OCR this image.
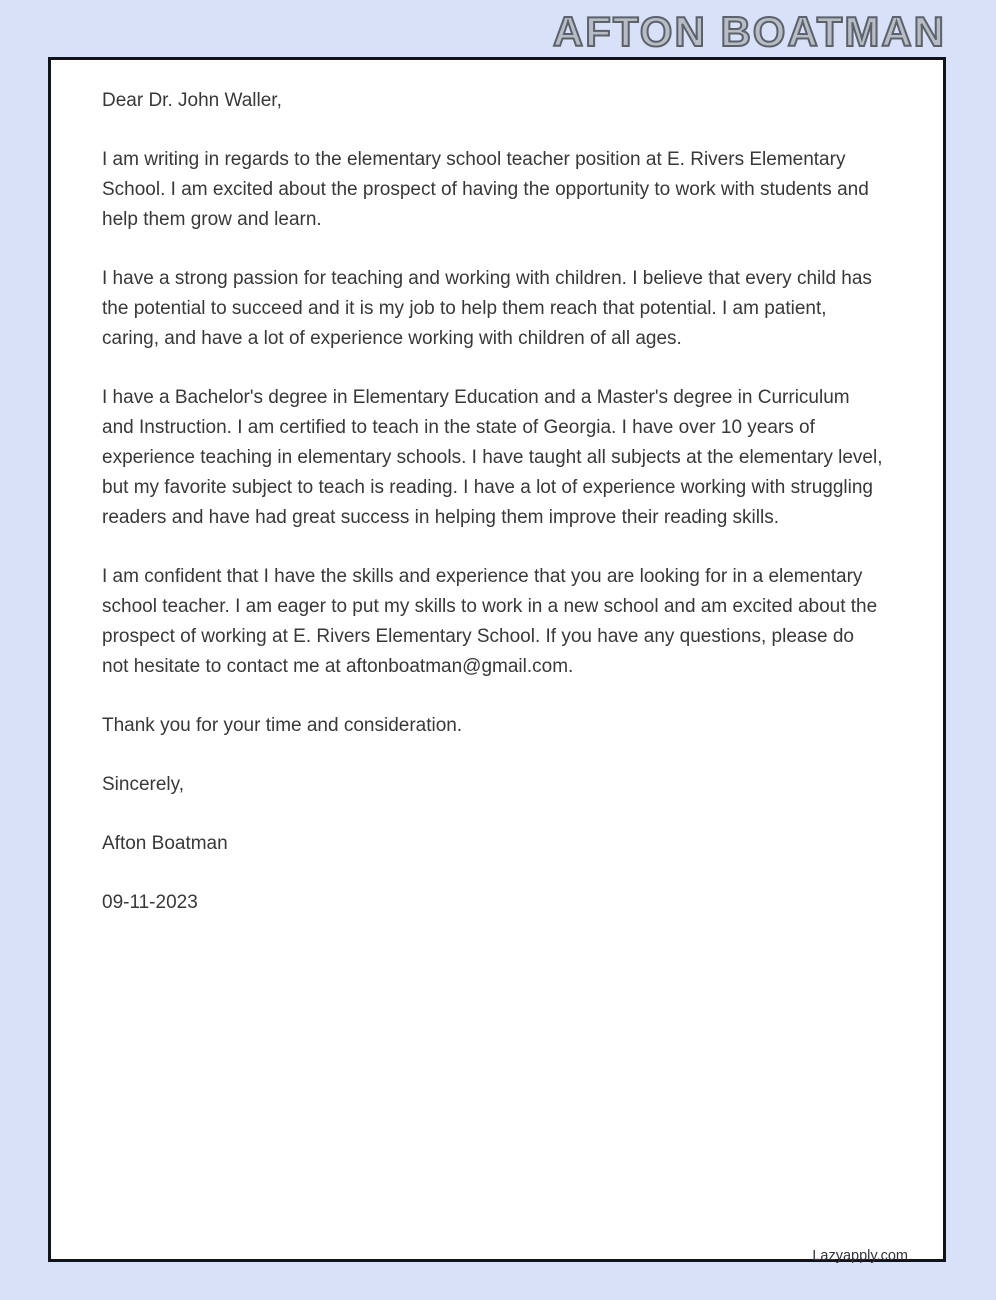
AFTON BOATMAN

Dear Dr. John Waller,

I am writing in regards to the elementary school teacher position at E. Rivers Elementary School. I am excited about the prospect of having the opportunity to work with students and help them grow and learn.

I have a strong passion for teaching and working with children. I believe that every child has the potential to succeed and it is my job to help them reach that potential. I am patient, caring, and have a lot of experience working with children of all ages.

I have a Bachelor's degree in Elementary Education and a Master's degree in Curriculum and Instruction. I am certified to teach in the state of Georgia. I have over 10 years of experience teaching in elementary schools. I have taught all subjects at the elementary level, but my favorite subject to teach is reading. I have a lot of experience working with struggling readers and have had great success in helping them improve their reading skills.

I am confident that I have the skills and experience that you are looking for in a elementary school teacher. I am eager to put my skills to work in a new school and am excited about the prospect of working at E. Rivers Elementary School. If you have any questions, please do not hesitate to contact me at aftonboatman@gmail.com.

Thank you for your time and consideration.

Sincerely,

Afton Boatman

09-11-2023

Lazyapply.com
